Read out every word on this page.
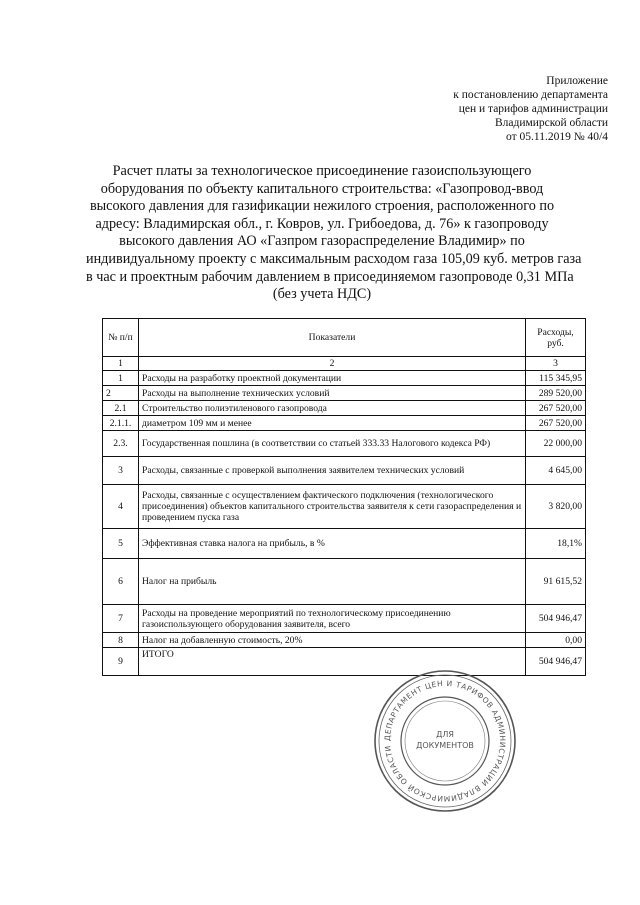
Приложение
к постановлению департамента
цен и тарифов администрации
Владимирской области
от 05.11.2019 № 40/4
Расчет платы за технологическое присоединение газоиспользующего
оборудования по объекту капитального строительства: «Газопровод-ввод
высокого давления для газификации нежилого строения, расположенного по
адресу: Владимирская обл., г. Ковров, ул. Грибоедова, д. 76» к газопроводу
высокого давления АО «Газпром газораспределение Владимир» по
индивидуальному проекту с максимальным расходом газа 105,09 куб. метров газа
в час и проектным рабочим давлением в присоединяемом газопроводе 0,31 МПа
(без учета НДС)
№ п/п	Показатели	Расходы, руб.
1	2	3
1	Расходы на разработку проектной документации	115 345,95
2	Расходы на выполнение технических условий	289 520,00
2.1	Строительство полиэтиленового газопровода	267 520,00
2.1.1.	диаметром 109 мм и менее	267 520,00
2.3.	Государственная пошлина (в соответствии со статьей 333.33 Налогового кодекса РФ)	22 000,00
3	Расходы, связанные с проверкой выполнения заявителем технических условий	4 645,00
4	Расходы, связанные с осуществлением фактического подключения (технологического присоединения) объектов капитального строительства заявителя к сети газораспределения и проведением пуска газа	3 820,00
5	Эффективная ставка налога на прибыль, в %	18,1%
6	Налог на прибыль	91 615,52
7	Расходы на проведение мероприятий по технологическому присоединению газоиспользующего оборудования заявителя, всего	504 946,47
8	Налог на добавленную стоимость, 20%	0,00
9	ИТОГО	504 946,47
ДЕПАРТАМЕНТ ЦЕН И ТАРИФОВ АДМИНИСТРАЦИИ ВЛАДИМИРСКОЙ ОБЛАСТИ
ДЛЯ
ДОКУМЕНТОВ
